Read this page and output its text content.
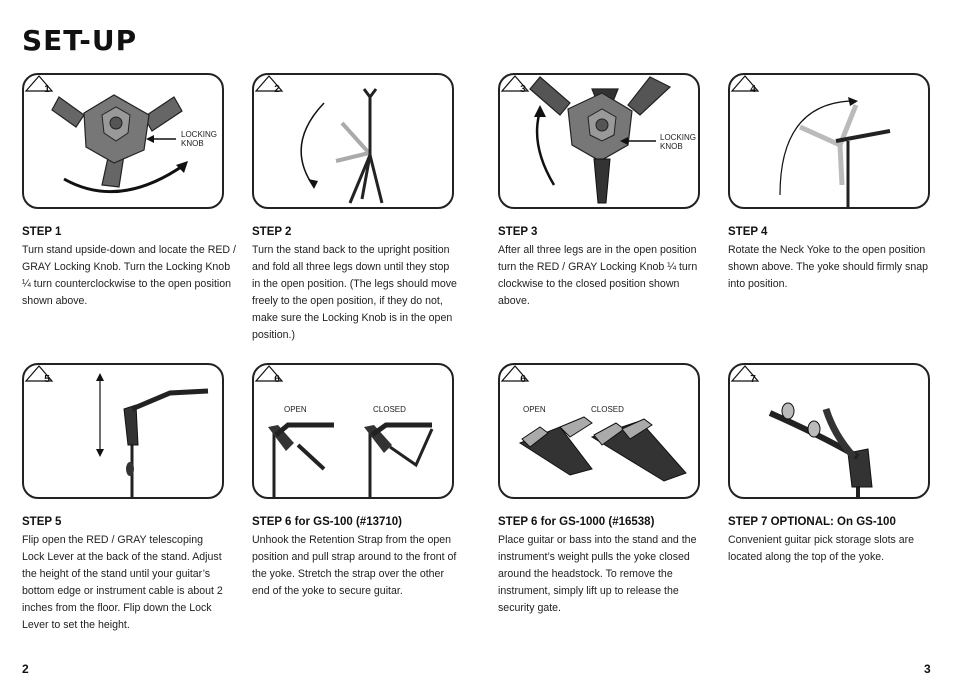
SET-UP
1
LOCKING
KNOB
2	3
LOCKING
KNOB
4
5	6
OPEN	CLOSED
6
OPEN	CLOSED
7
STEP 1

Turn stand upside-down and locate the RED / GRAY Locking Knob. Turn the Locking Knob ¼ turn counterclockwise to the open position shown above.

STEP 2

Turn the stand back to the upright position and fold all three legs down until they stop in the open position. (The legs should move freely to the open position, if they do not, make sure the Locking Knob is in the open position.)

STEP 3

After all three legs are in the open position turn the RED / GRAY Locking Knob ¼ turn clockwise to the closed position shown above.

STEP 4

Rotate the Neck Yoke to the open position shown above. The yoke should firmly snap into position.

STEP 5

Flip open the RED / GRAY telescoping Lock Lever at the back of the stand. Adjust the height of the stand until your guitar’s bottom edge or instrument cable is about 2 inches from the floor. Flip down the Lock Lever to set the height.

STEP 6 for GS-100 (#13710)

Unhook the Retention Strap from the open position and pull strap around to the front of the yoke. Stretch the strap over the other end of the yoke to secure guitar.

STEP 6 for GS-1000 (#16538)

Place guitar or bass into the stand and the instrument’s weight pulls the yoke closed around the headstock. To remove the instrument, simply lift up to release the security gate.

STEP 7 OPTIONAL: On GS-100

Convenient guitar pick storage slots are located along the top of the yoke.

2	3
